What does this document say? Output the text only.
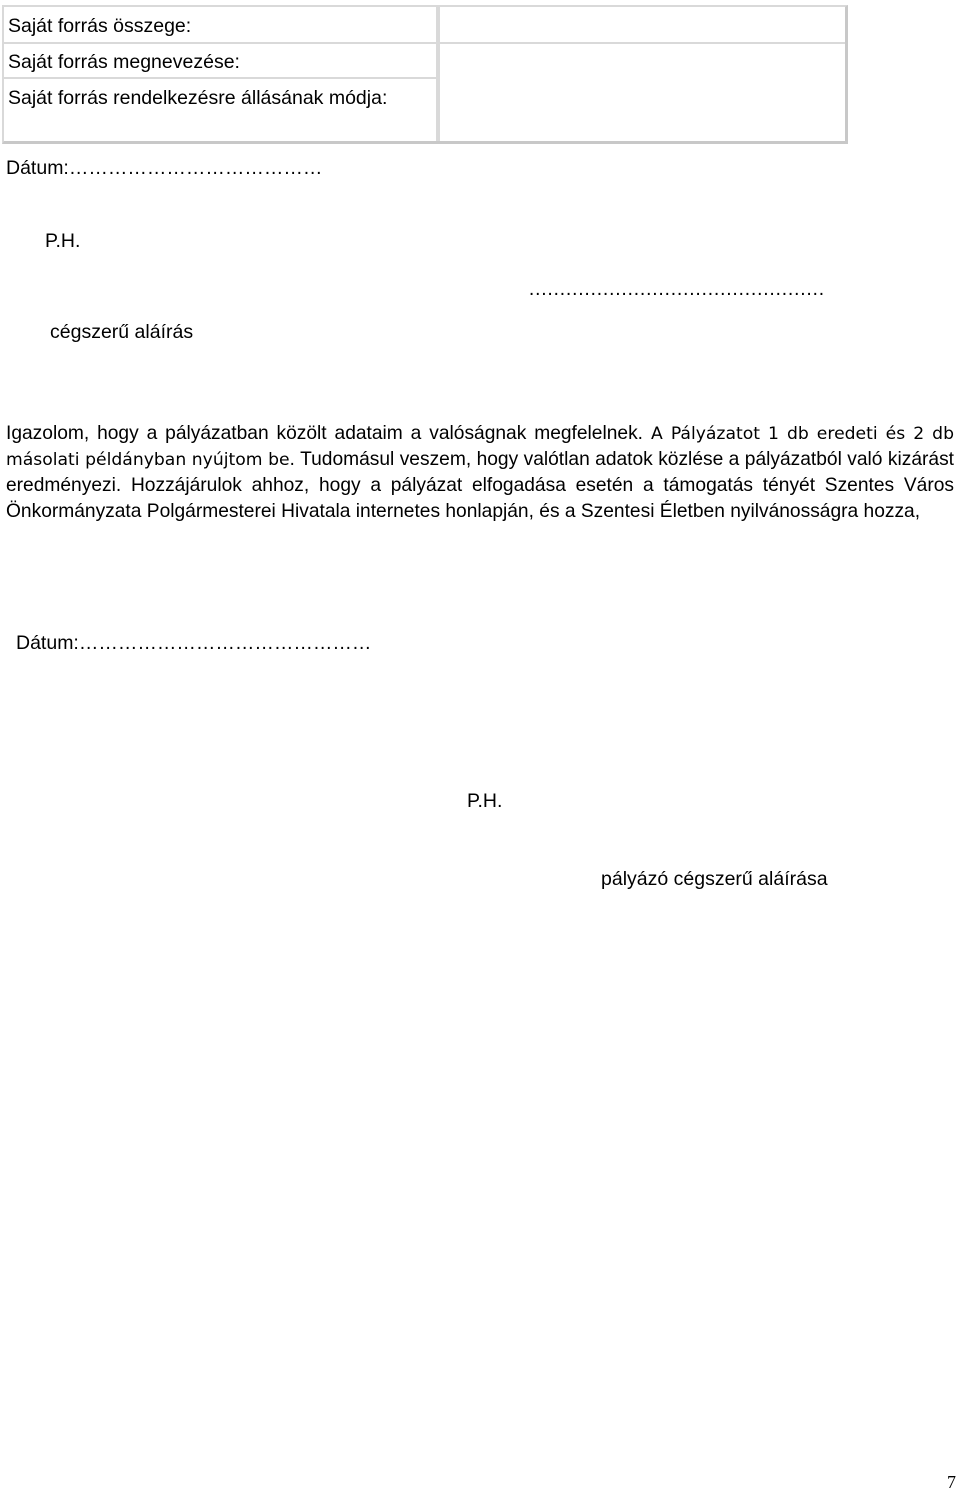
Saját forrás összege:
Saját forrás megnevezése:
Saját forrás rendelkezésre állásának módja:
Dátum:…………………………………
P.H.
…………………………………………
cégszerű aláírás
Igazolom, hogy a pályázatban közölt adataim a valóságnak megfelelnek. A Pályázatot 1 db eredeti és 2 db másolati példányban nyújtom be. Tudomásul veszem, hogy valótlan adatok közlése a pályázatból való kizárást eredményezi. Hozzájárulok ahhoz, hogy a pályázat elfogadása esetén a támogatás tényét Szentes Város Önkormányzata Polgármesterei Hivatala internetes honlapján, és a Szentesi Életben nyilvánosságra hozza,
Dátum:………………………………………
P.H.
pályázó cégszerű aláírása
7
